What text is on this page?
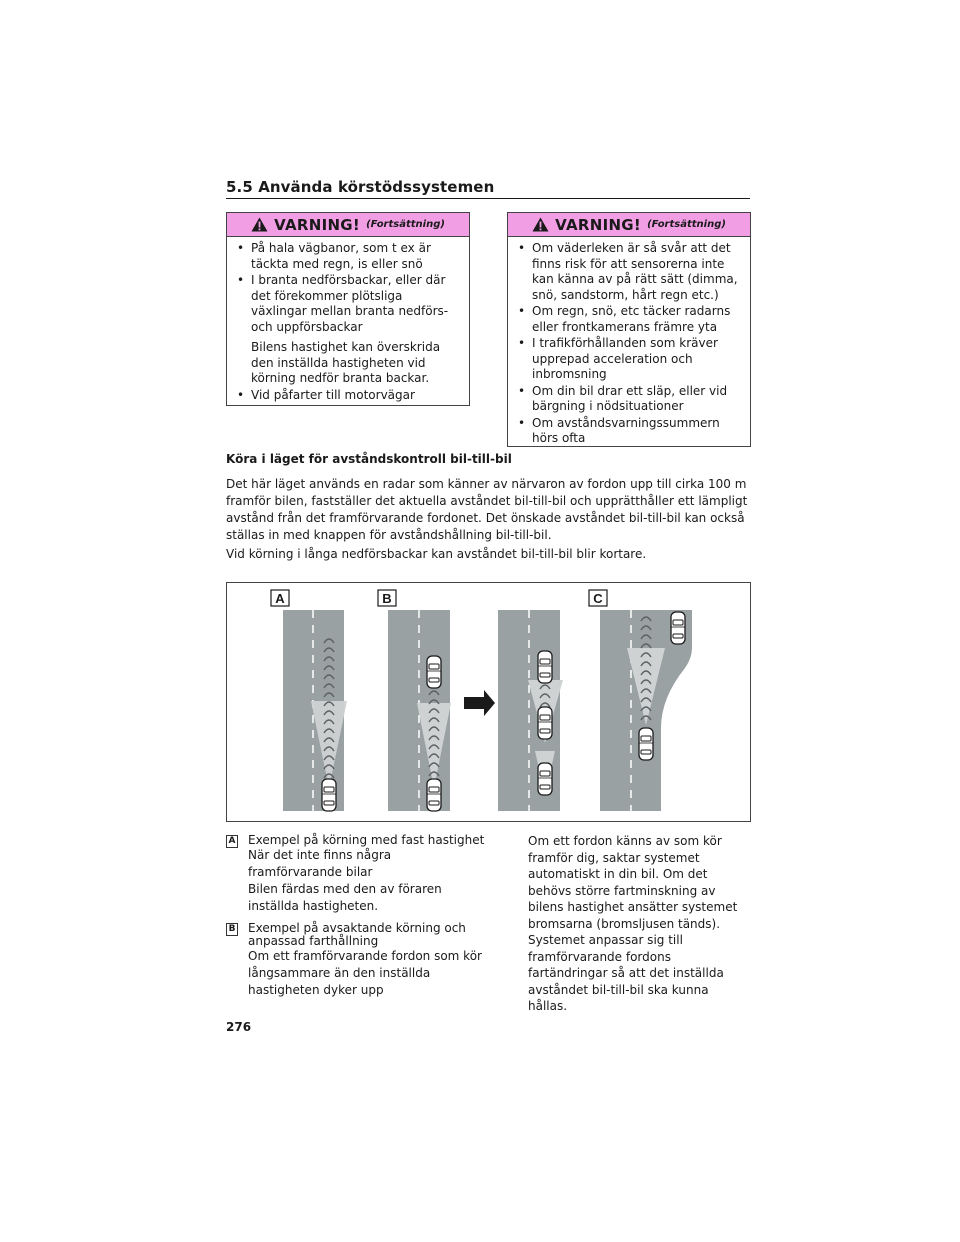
5.5 Använda körstödssystemen
VARNING! (Fortsättning)
• På hala vägbanor, som t ex är täckta med regn, is eller snö
• I branta nedförsbackar, eller där det förekommer plötsliga växlingar mellan branta nedförs- och uppförsbackar
Bilens hastighet kan överskrida den inställda hastigheten vid körning nedför branta backar.
• Vid påfarter till motorvägar
VARNING! (Fortsättning)
• Om väderleken är så svår att det finns risk för att sensorerna inte kan känna av på rätt sätt (dimma, snö, sandstorm, hårt regn etc.)
• Om regn, snö, etc täcker radarns eller frontkamerans främre yta
• I trafikförhållanden som kräver upprepad acceleration och inbromsning
• Om din bil drar ett släp, eller vid bärgning i nödsituationer
• Om avståndsvarningssummern hörs ofta
Köra i läget för avståndskontroll bil-till-bil
Det här läget används en radar som känner av närvaron av fordon upp till cirka 100 m framför bilen, fastställer det aktuella avståndet bil-till-bil och upprätthåller ett lämpligt avstånd från det framförvarande fordonet. Det önskade avståndet bil-till-bil kan också ställas in med knappen för avståndshållning bil-till-bil.
Vid körning i långa nedförsbackar kan avståndet bil-till-bil blir kortare.
A	B	C
A Exempel på körning med fast hastighet
När det inte finns några framförvarande bilar
Bilen färdas med den av föraren inställda hastigheten.
B Exempel på avsaktande körning och anpassad farthållning
Om ett framförvarande fordon som kör långsammare än den inställda hastigheten dyker upp
Om ett fordon känns av som kör framför dig, saktar systemet automatiskt in din bil. Om det behövs större fartminskning av bilens hastighet ansätter systemet bromsarna (bromsljusen tänds). Systemet anpassar sig till framförvarande fordons fartändringar så att det inställda avståndet bil-till-bil ska kunna hållas.
276
